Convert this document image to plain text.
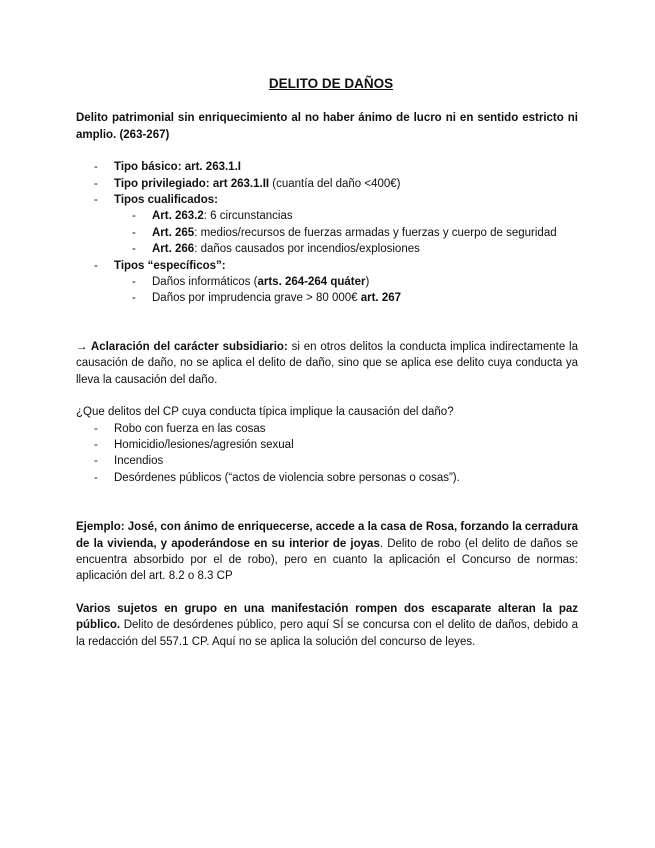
DELITO DE DAÑOS

Delito patrimonial sin enriquecimiento al no haber ánimo de lucro ni en sentido estricto ni amplio. (263-267)

- Tipo básico: art. 263.1.I
- Tipo privilegiado: art 263.1.II (cuantía del daño <400€)
- Tipos cualificados:
- Art. 263.2: 6 circunstancias
- Art. 265: medios/recursos de fuerzas armadas y fuerzas y cuerpo de seguridad
- Art. 266: daños causados por incendios/explosiones
- Tipos “específicos”:
- Daños informáticos (arts. 264-264 quáter)
- Daños por imprudencia grave > 80 000€ art. 267

→ Aclaración del carácter subsidiario: si en otros delitos la conducta implica indirectamente la causación de daño, no se aplica el delito de daño, sino que se aplica ese delito cuya conducta ya lleva la causación del daño.

¿Que delitos del CP cuya conducta típica implique la causación del daño?

- Robo con fuerza en las cosas
- Homicidio/lesiones/agresión sexual
- Incendios
- Desórdenes públicos (“actos de violencia sobre personas o cosas”).

Ejemplo: José, con ánimo de enriquecerse, accede a la casa de Rosa, forzando la cerradura de la vivienda, y apoderándose en su interior de joyas. Delito de robo (el delito de daños se encuentra absorbido por el de robo), pero en cuanto la aplicación el Concurso de normas: aplicación del art. 8.2 o 8.3 CP

Varios sujetos en grupo en una manifestación rompen dos escaparate alteran la paz público. Delito de desórdenes público, pero aquí SÍ se concursa con el delito de daños, debido a la redacción del 557.1 CP. Aquí no se aplica la solución del concurso de leyes.
